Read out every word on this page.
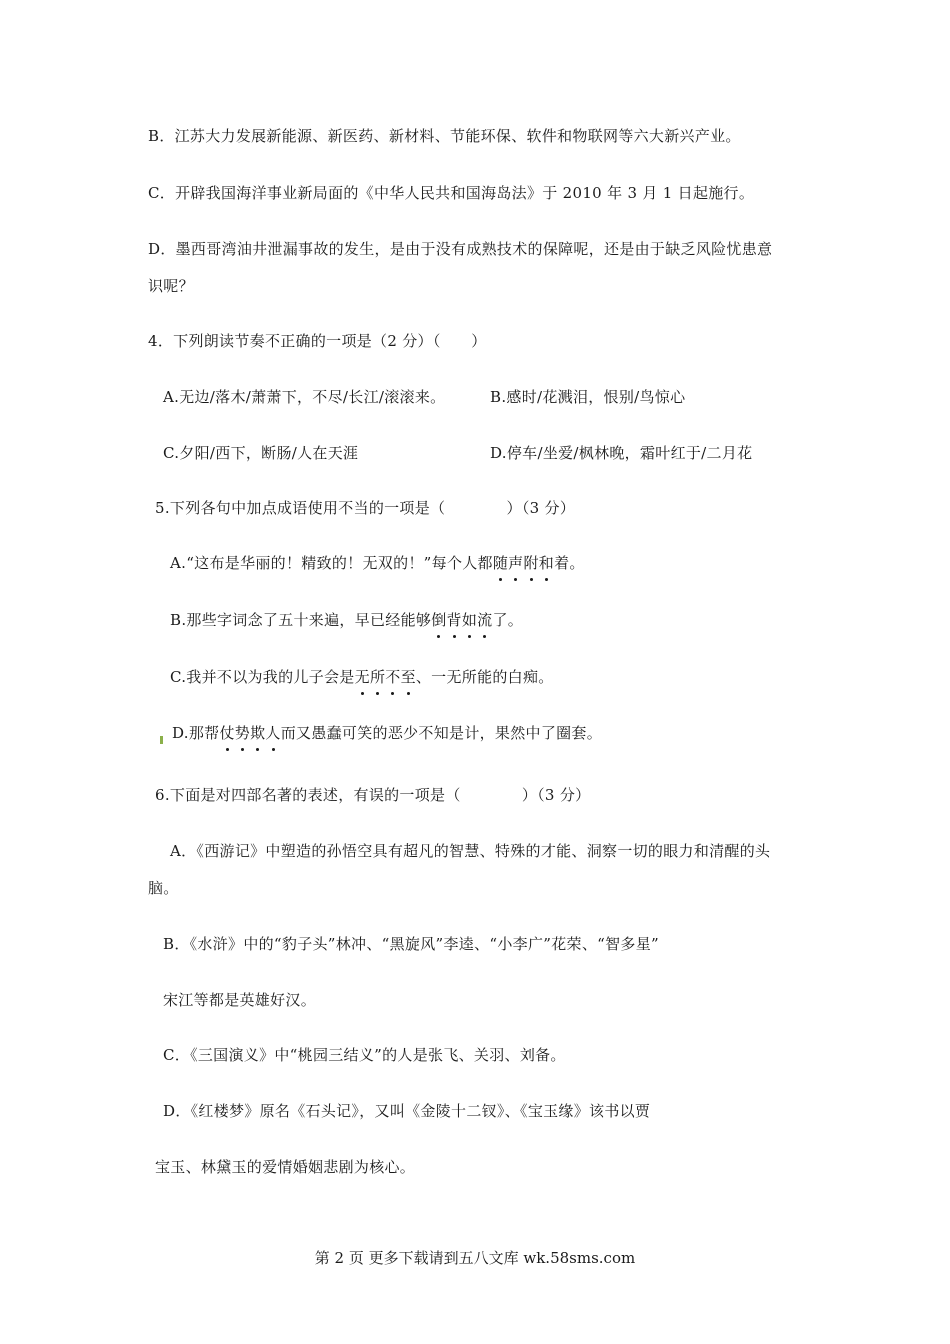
B．江苏大力发展新能源、新医药、新材料、节能环保、软件和物联网等六大新兴产业。
C．开辟我国海洋事业新局面的《中华人民共和国海岛法》于 2010 年 3 月 1 日起施行。
D．墨西哥湾油井泄漏事故的发生，是由于没有成熟技术的保障呢，还是由于缺乏风险忧患意
识呢？
4．下列朗读节奏不正确的一项是（2 分）（　　）
A.无边/落木/萧萧下，不尽/长江/滚滚来。	B.感时/花溅泪，恨别/鸟惊心
C.夕阳/西下，断肠/人在天涯	D.停车/坐爱/枫林晚，霜叶红于/二月花
5.下列各句中加点成语使用不当的一项是（　　　　）（3 分）
A.“这布是华丽的！精致的！无双的！”每个人都随声附和着。
B.那些字词念了五十来遍，早已经能够倒背如流了。
C.我并不以为我的儿子会是无所不至、一无所能的白痴。
D.那帮仗势欺人而又愚蠢可笑的恶少不知是计，果然中了圈套。
6.下面是对四部名著的表述，有误的一项是（　　　　）（3 分）
A．《西游记》中塑造的孙悟空具有超凡的智慧、特殊的才能、洞察一切的眼力和清醒的头
脑。
B．《水浒》中的“豹子头”林冲、“黑旋风”李逵、“小李广”花荣、“智多星”
宋江等都是英雄好汉。
C．《三国演义》中“桃园三结义”的人是张飞、关羽、刘备。
D．《红楼梦》原名《石头记》，又叫《金陵十二钗》、《宝玉缘》该书以贾
宝玉、林黛玉的爱情婚姻悲剧为核心。
第 2 页 更多下载请到五八文库 wk.58sms.com
